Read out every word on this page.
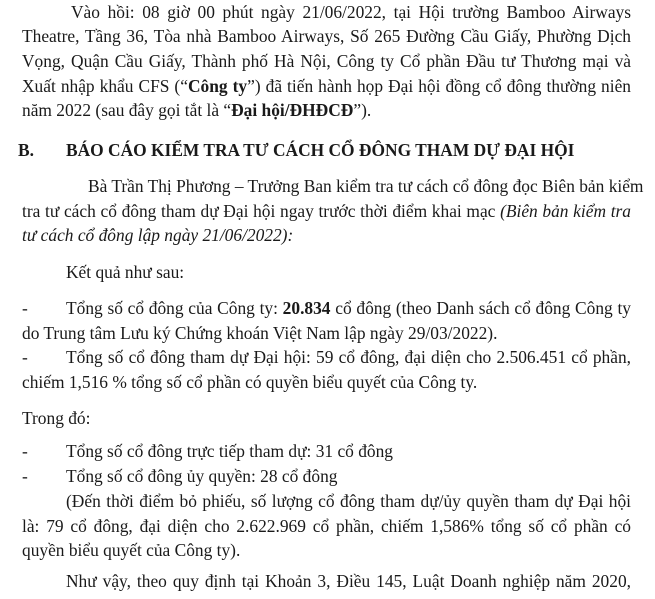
Vào hồi: 08 giờ 00 phút ngày 21/06/2022, tại Hội trường Bamboo Airways
Theatre, Tầng 36, Tòa nhà Bamboo Airways, Số 265 Đường Cầu Giấy, Phường Dịch
Vọng, Quận Cầu Giấy, Thành phố Hà Nội, Công ty Cổ phần Đầu tư Thương mại và
Xuất nhập khẩu CFS (“Công ty”) đã tiến hành họp Đại hội đồng cổ đông thường niên
năm 2022 (sau đây gọi tắt là “Đại hội/ĐHĐCĐ”).
B. BÁO CÁO KIỂM TRA TƯ CÁCH CỔ ĐÔNG THAM DỰ ĐẠI HỘI
Bà Trần Thị Phương – Trưởng Ban kiểm tra tư cách cổ đông đọc Biên bản kiểm
tra tư cách cổ đông tham dự Đại hội ngay trước thời điểm khai mạc (Biên bản kiểm tra
tư cách cổ đông lập ngày 21/06/2022):
Kết quả như sau:
- Tổng số cổ đông của Công ty: 20.834 cổ đông (theo Danh sách cổ đông Công ty
do Trung tâm Lưu ký Chứng khoán Việt Nam lập ngày 29/03/2022).
- Tổng số cổ đông tham dự Đại hội: 59 cổ đông, đại diện cho 2.506.451 cổ phần,
chiếm 1,516 % tổng số cổ phần có quyền biểu quyết của Công ty.
Trong đó:
- Tổng số cổ đông trực tiếp tham dự: 31 cổ đông
- Tổng số cổ đông ủy quyền: 28 cổ đông
(Đến thời điểm bỏ phiếu, số lượng cổ đông tham dự/ủy quyền tham dự Đại hội
là: 79 cổ đông, đại diện cho 2.622.969 cổ phần, chiếm 1,586% tổng số cổ phần có
quyền biểu quyết của Công ty).
Như vậy, theo quy định tại Khoản 3, Điều 145, Luật Doanh nghiệp năm 2020,
